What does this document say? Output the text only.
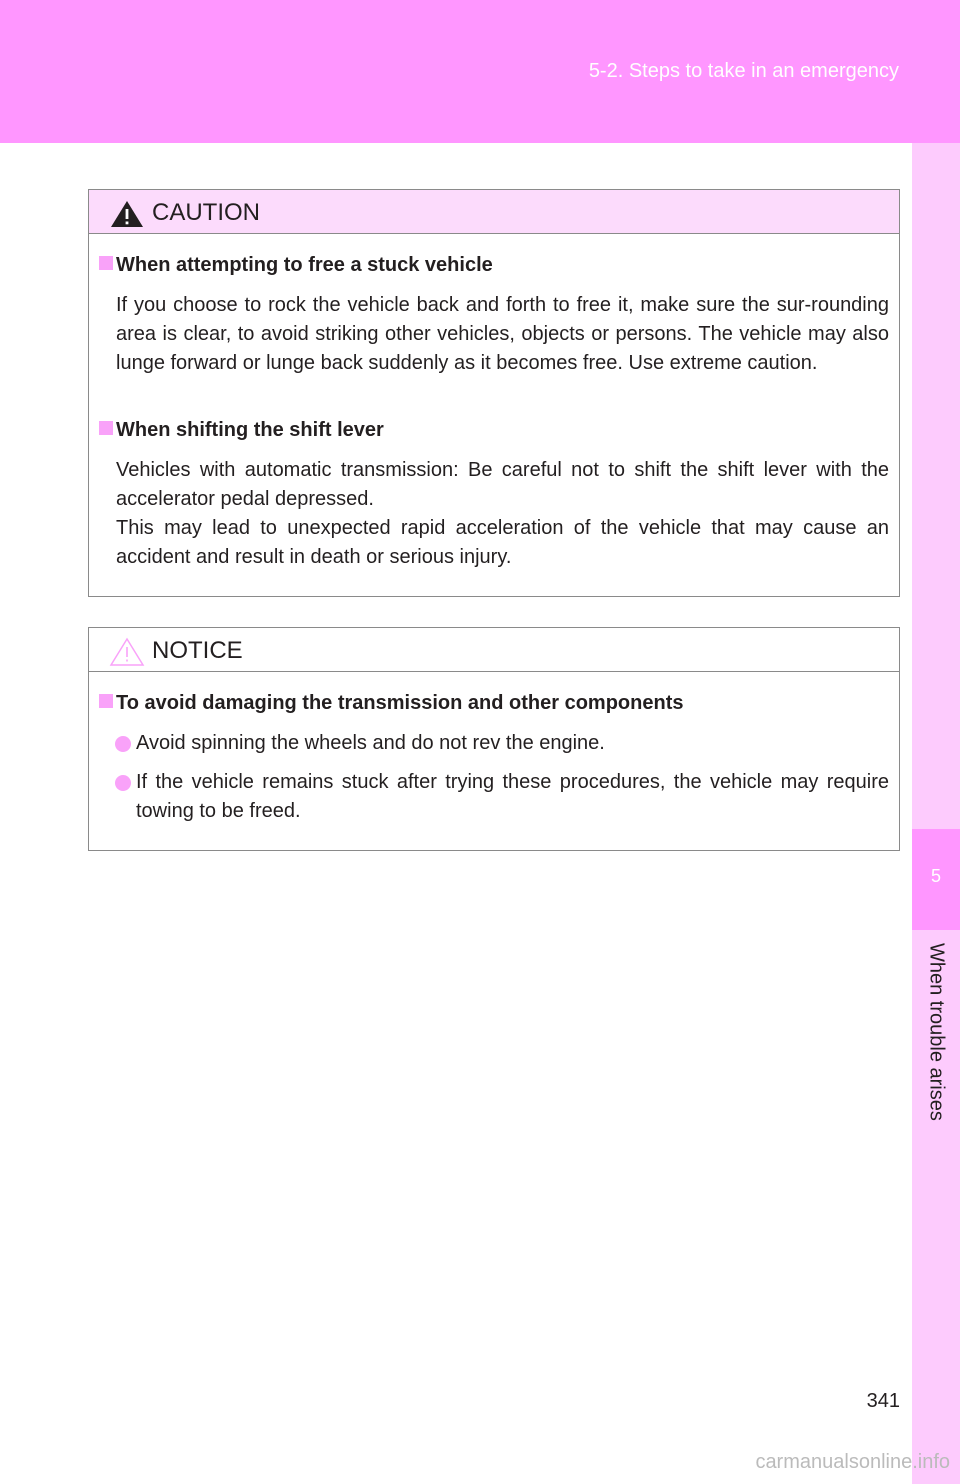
5-2. Steps to take in an emergency
5
When trouble arises
CAUTION
When attempting to free a stuck vehicle
If you choose to rock the vehicle back and forth to free it, make sure the sur-rounding area is clear, to avoid striking other vehicles, objects or persons. The vehicle may also lunge forward or lunge back suddenly as it becomes free. Use extreme caution.
When shifting the shift lever
Vehicles with automatic transmission: Be careful not to shift the shift lever with the accelerator pedal depressed.
This may lead to unexpected rapid acceleration of the vehicle that may cause an accident and result in death or serious injury.
NOTICE
To avoid damaging the transmission and other components
Avoid spinning the wheels and do not rev the engine.
If the vehicle remains stuck after trying these procedures, the vehicle may require towing to be freed.
341
carmanualsonline.info
